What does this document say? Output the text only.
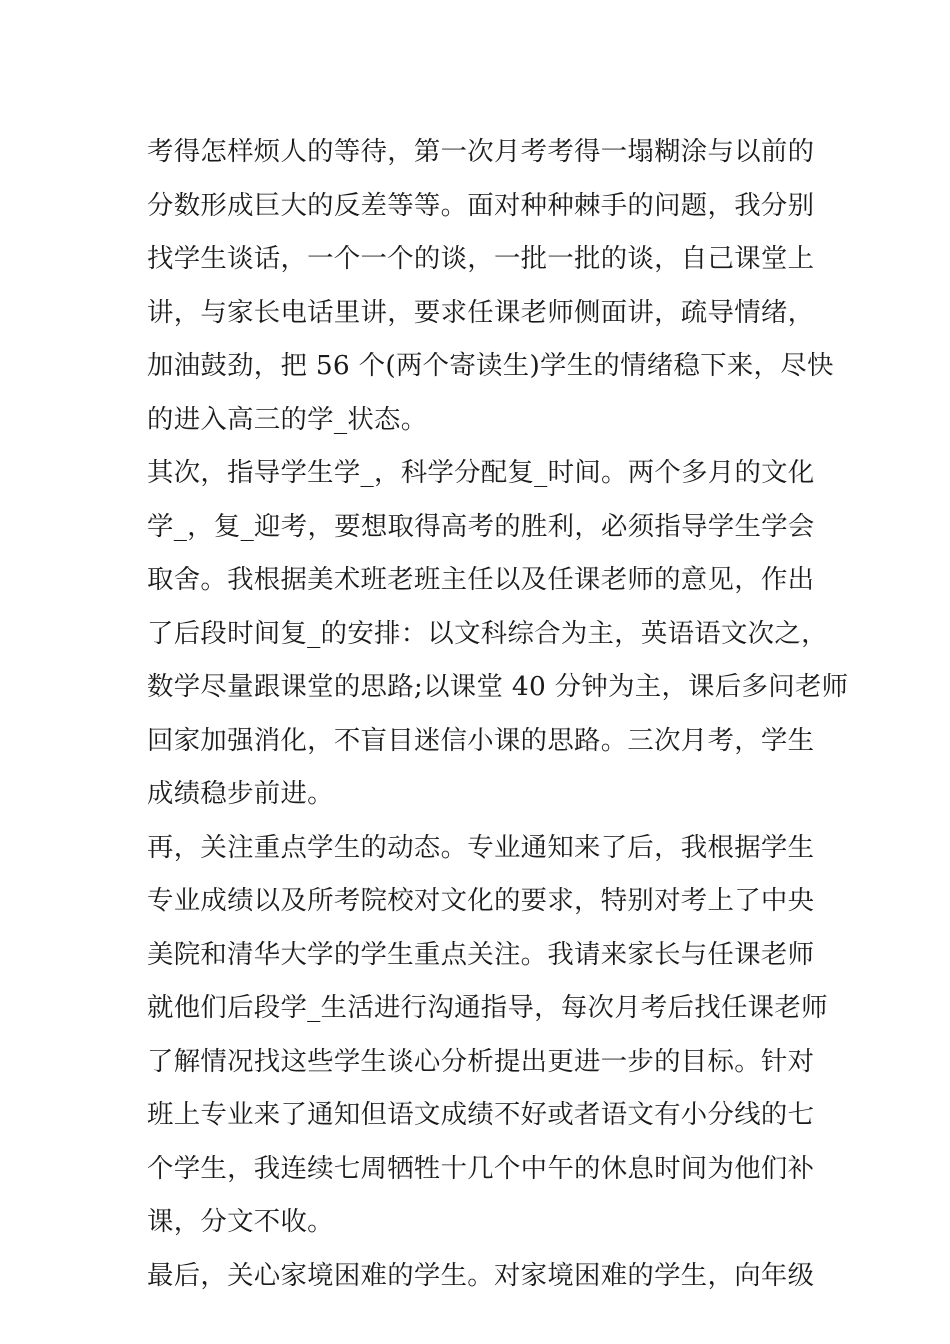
考得怎样烦人的等待，第一次月考考得一塌糊涂与以前的
分数形成巨大的反差等等。面对种种棘手的问题，我分别
找学生谈话，一个一个的谈，一批一批的谈，自己课堂上
讲，与家长电话里讲，要求任课老师侧面讲，疏导情绪，
加油鼓劲，把 56 个(两个寄读生)学生的情绪稳下来，尽快
的进入高三的学_状态。
其次，指导学生学_，科学分配复_时间。两个多月的文化
学_，复_迎考，要想取得高考的胜利，必须指导学生学会
取舍。我根据美术班老班主任以及任课老师的意见，作出
了后段时间复_的安排：以文科综合为主，英语语文次之，
数学尽量跟课堂的思路;以课堂 40 分钟为主，课后多问老师
回家加强消化，不盲目迷信小课的思路。三次月考，学生
成绩稳步前进。
再，关注重点学生的动态。专业通知来了后，我根据学生
专业成绩以及所考院校对文化的要求，特别对考上了中央
美院和清华大学的学生重点关注。我请来家长与任课老师
就他们后段学_生活进行沟通指导，每次月考后找任课老师
了解情况找这些学生谈心分析提出更进一步的目标。针对
班上专业来了通知但语文成绩不好或者语文有小分线的七
个学生，我连续七周牺牲十几个中午的休息时间为他们补
课，分文不收。
最后，关心家境困难的学生。对家境困难的学生，向年级
